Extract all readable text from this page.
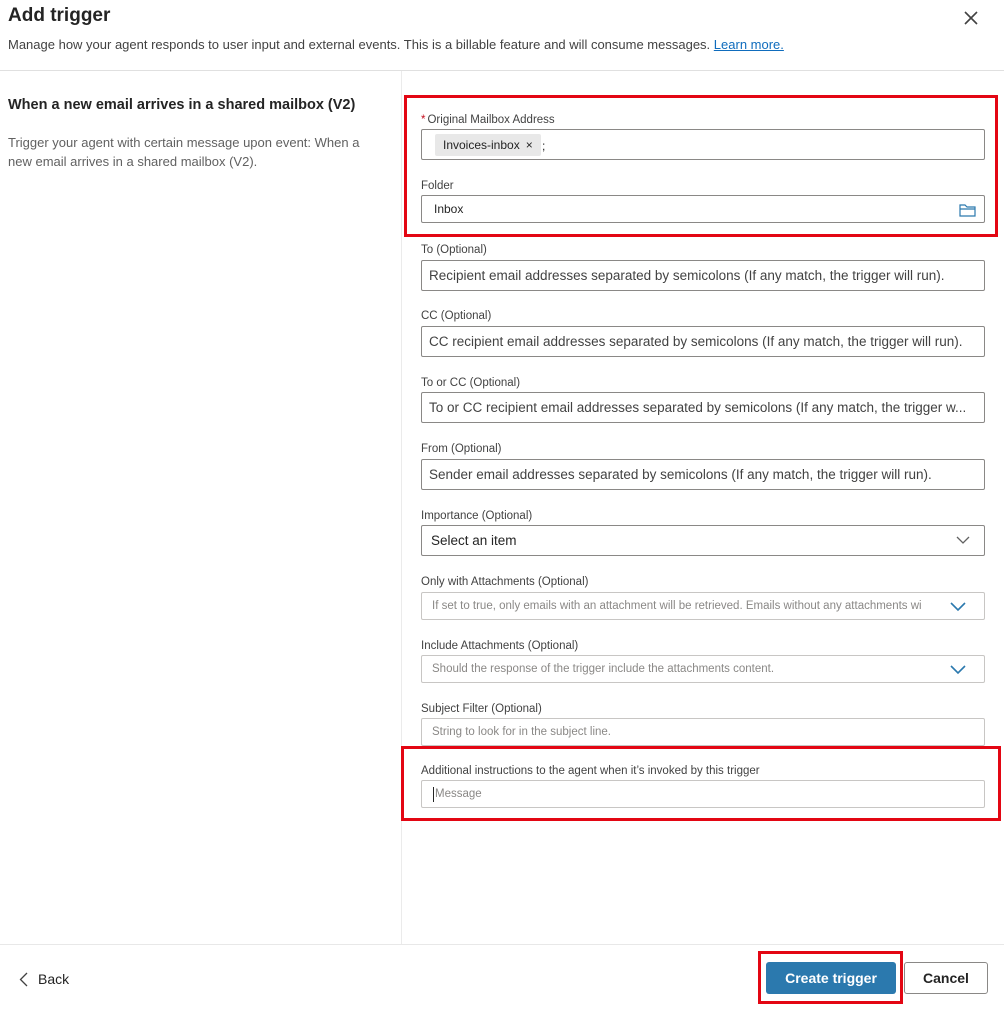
Add trigger
Manage how your agent responds to user input and external events. This is a billable feature and will consume messages. Learn more.
When a new email arrives in a shared mailbox (V2)
Trigger your agent with certain message upon event: When a new email arrives in a shared mailbox (V2).
* Original Mailbox Address
Invoices-inbox × ;
Folder
Inbox
To (Optional)
Recipient email addresses separated by semicolons (If any match, the trigger will run).
CC (Optional)
CC recipient email addresses separated by semicolons (If any match, the trigger will run).
To or CC (Optional)
To or CC recipient email addresses separated by semicolons (If any match, the trigger w...
From (Optional)
Sender email addresses separated by semicolons (If any match, the trigger will run).
Importance (Optional)
Select an item
Only with Attachments (Optional)
If set to true, only emails with an attachment will be retrieved. Emails without any attachments wi
Include Attachments (Optional)
Should the response of the trigger include the attachments content.
Subject Filter (Optional)
String to look for in the subject line.
Additional instructions to the agent when it’s invoked by this trigger
Message
Back	Create trigger	Cancel
